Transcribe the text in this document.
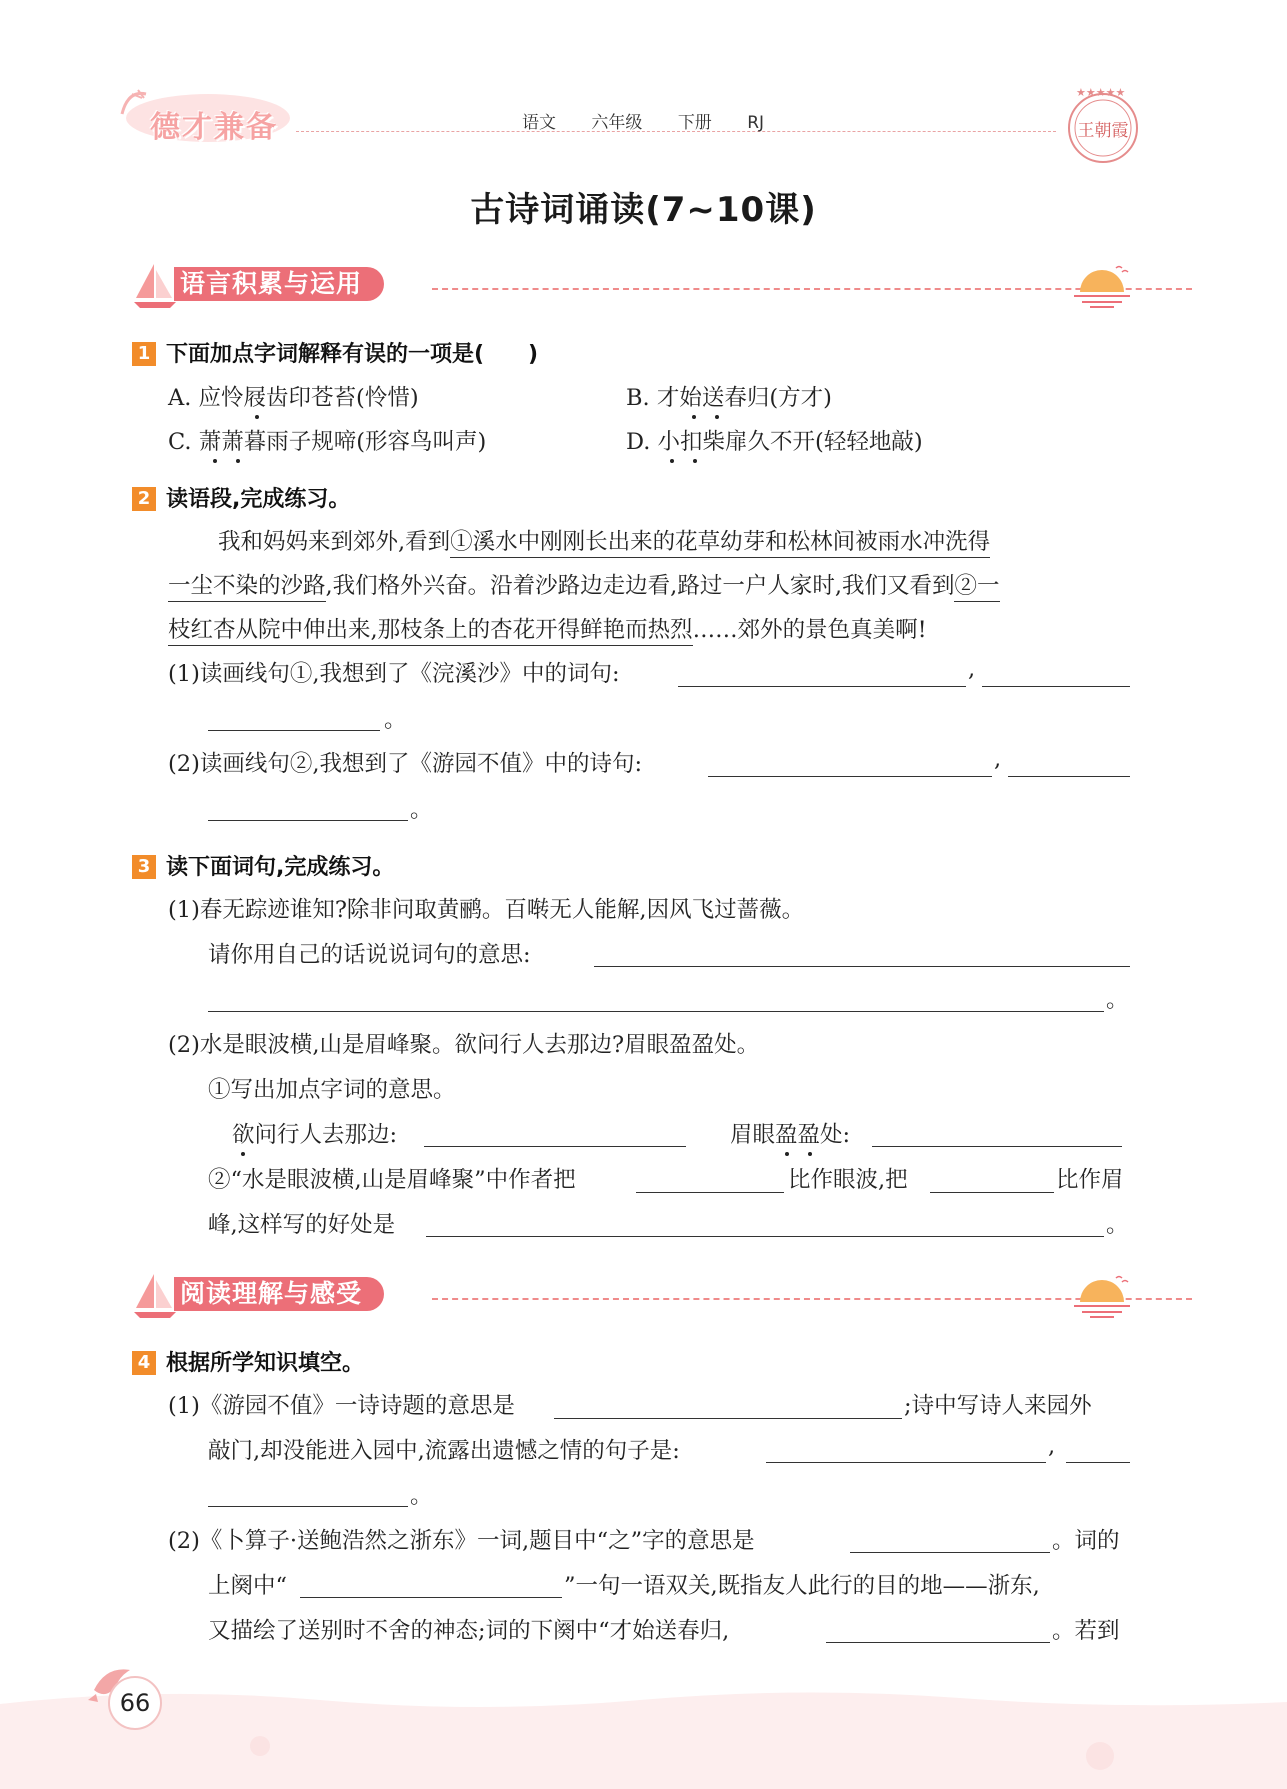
德才兼备	语文 六年级 下册 RJ
★★★★★
王朝霞
古诗词诵读(7~10课)
语言积累与运用
1 下面加点字词解释有误的一项是(　　)
A. 应怜屐齿印苍苔(怜惜)	B. 才始送春归(方才)
C. 萧萧暮雨子规啼(形容鸟叫声)	D. 小扣柴扉久不开(轻轻地敲)
2 读语段,完成练习。
我和妈妈来到郊外,看到①溪水中刚刚长出来的花草幼芽和松林间被雨水冲洗得
一尘不染的沙路,我们格外兴奋。沿着沙路边走边看,路过一户人家时,我们又看到②一
枝红杏从院中伸出来,那枝条上的杏花开得鲜艳而热烈……郊外的景色真美啊!
(1)读画线句①,我想到了《浣溪沙》中的词句:	,
。
(2)读画线句②,我想到了《游园不值》中的诗句:	,
。
3 读下面词句,完成练习。
(1)春无踪迹谁知?除非问取黄鹂。百啭无人能解,因风飞过蔷薇。
请你用自己的话说说词句的意思:
。
(2)水是眼波横,山是眉峰聚。欲问行人去那边?眉眼盈盈处。
①写出加点字词的意思。
欲问行人去那边:	眉眼盈盈处:
②“水是眼波横,山是眉峰聚”中作者把	比作眼波,把	比作眉
峰,这样写的好处是	。
阅读理解与感受
4 根据所学知识填空。
(1)《游园不值》一诗诗题的意思是	;诗中写诗人来园外
敲门,却没能进入园中,流露出遗憾之情的句子是:	,
。
(2)《卜算子·送鲍浩然之浙东》一词,题目中“之”字的意思是	。词的
上阕中“	”一句一语双关,既指友人此行的目的地——浙东,
又描绘了送别时不舍的神态;词的下阕中“才始送春归,	。若到
66
